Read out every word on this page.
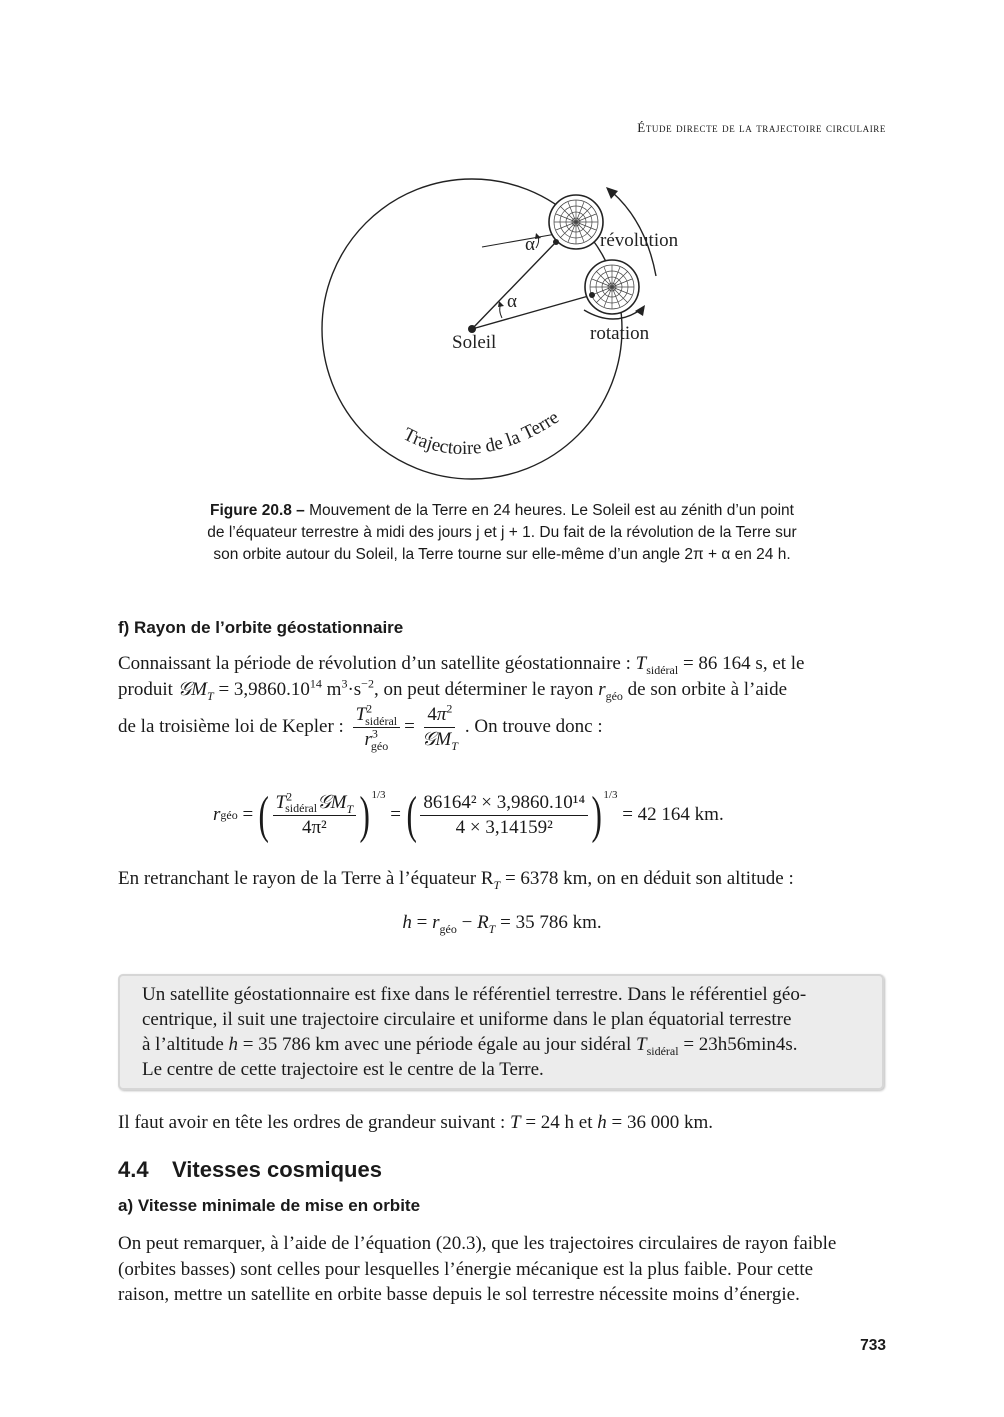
Étude directe de la trajectoire circulaire
α	révolution
α
Soleil	rotation
Trajectoire de la Terre
Figure 20.8 – Mouvement de la Terre en 24 heures. Le Soleil est au zénith d’un point
de l’équateur terrestre à midi des jours j et j + 1. Du fait de la révolution de la Terre sur
son orbite autour du Soleil, la Terre tourne sur elle-même d’un angle 2π + α en 24 h.
f) Rayon de l’orbite géostationnaire
Connaissant la période de révolution d’un satellite géostationnaire : $T_{sidéral} = 86$ 164 s, et le
produit 𝒢M$_T$ = $3,9860.10^{14}$ $m^3\cdot s^{-2}$, on peut déterminer le rayon $r_{géo}$ de son orbite à l’aide
de la troisième loi de Kepler : $\frac{T^2_{sidéral}}{r^3_{géo}} = \frac{4\pi^2}{𝒢M_T}$ . On trouve donc :
r géo = ( $\frac{T^2_{sidéral}𝒢M_T}{\text{4π²}} )^{1/3}$
= ( $\frac{\text{86164² × 3,9860.10¹⁴}}{\text{4 × 3,14159²}} )^{1/3}$

= 42 164 km.
En retranchant le rayon de la Terre à l’équateur $R_T = 6378$ km, on en déduit son altitude :
$h = r_{géo} - R_T = 35$ 786 km.
Un satellite géostationnaire est fixe dans le référentiel terrestre. Dans le référentiel géo-
centrique, il suit une trajectoire circulaire et uniforme dans le plan équatorial terrestre
à l’altitude h = 35 786 km avec une période égale au jour sidéral $T_{sidéral} = 23h56\min 4s$.
Le centre de cette trajectoire est le centre de la Terre.
Il faut avoir en tête les ordres de grandeur suivant : T = 24 h et h = 36 000 km.
4.4 Vitesses cosmiques
a) Vitesse minimale de mise en orbite
On peut remarquer, à l’aide de l’équation (20.3), que les trajectoires circulaires de rayon faible
(orbites basses) sont celles pour lesquelles l’énergie mécanique est la plus faible. Pour cette
raison, mettre un satellite en orbite basse depuis le sol terrestre nécessite moins d’énergie.
733
